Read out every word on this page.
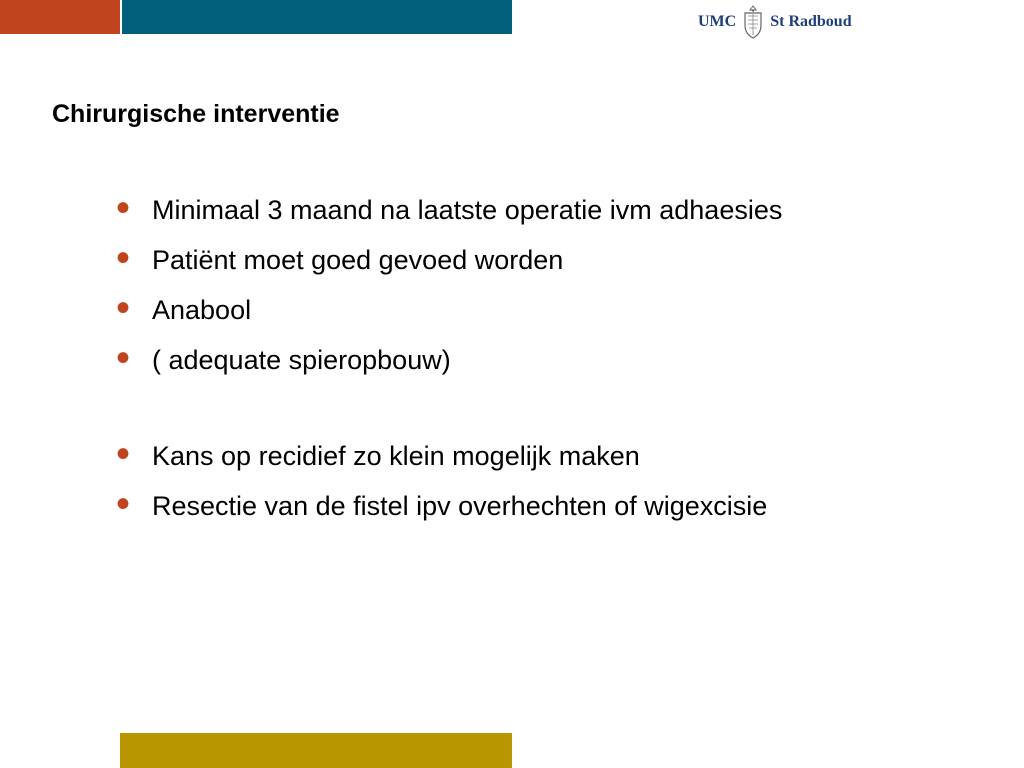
UMC St Radboud
Chirurgische interventie
• Minimaal 3 maand na laatste operatie ivm adhaesies
• Patiënt moet goed gevoed worden
• Anabool
• ( adequate spieropbouw)
• Kans op recidief zo klein mogelijk maken
• Resectie van de fistel ipv overhechten of wigexcisie
